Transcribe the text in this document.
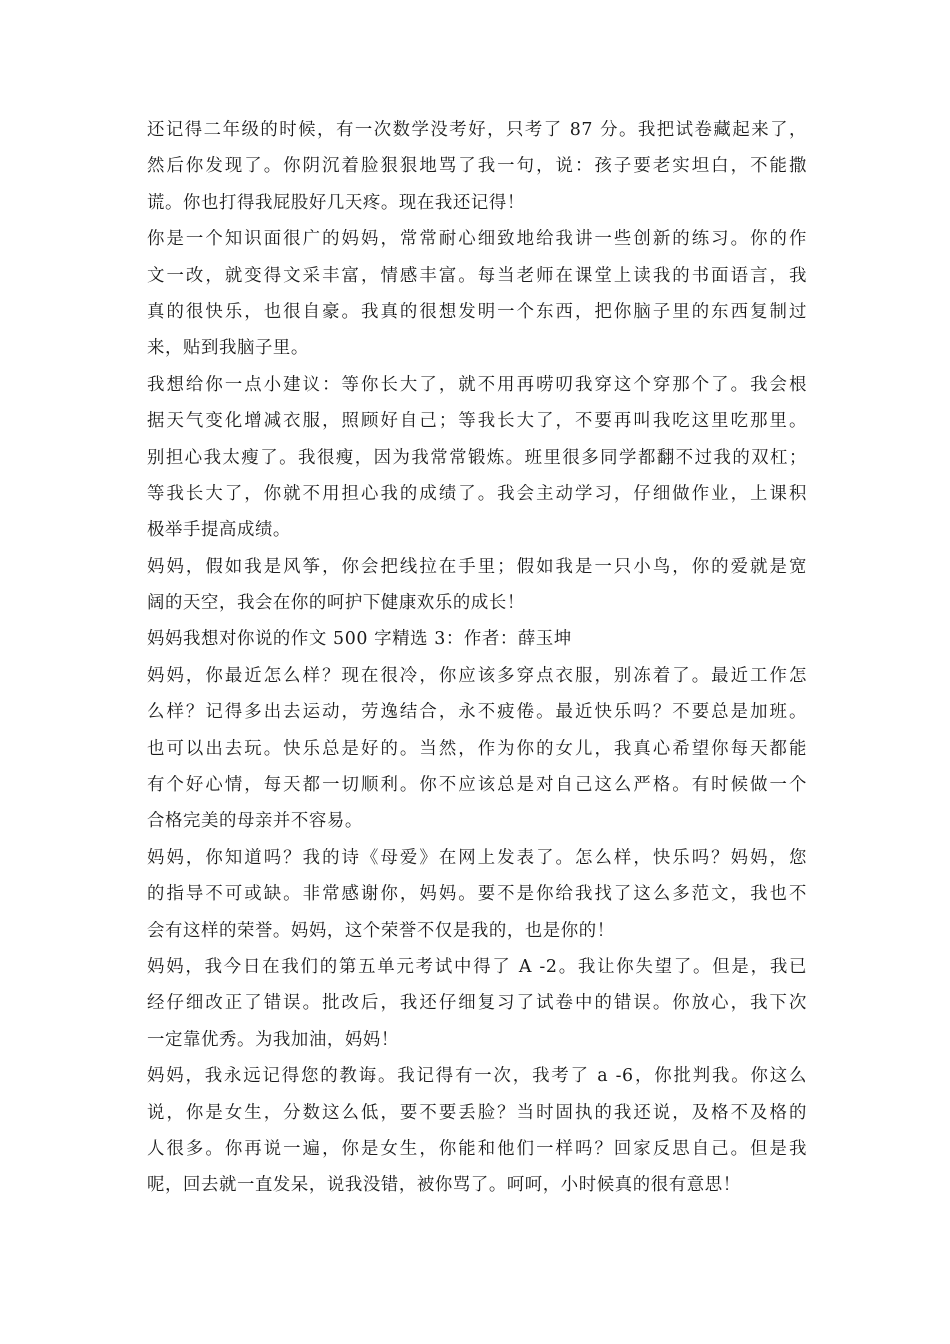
还记得二年级的时候，有一次数学没考好，只考了 87 分。我把试卷藏起来了，
然后你发现了。你阴沉着脸狠狠地骂了我一句，说：孩子要老实坦白，不能撒
谎。你也打得我屁股好几天疼。现在我还记得！
你是一个知识面很广的妈妈，常常耐心细致地给我讲一些创新的练习。你的作
文一改，就变得文采丰富，情感丰富。每当老师在课堂上读我的书面语言，我
真的很快乐，也很自豪。我真的很想发明一个东西，把你脑子里的东西复制过
来，贴到我脑子里。
我想给你一点小建议：等你长大了，就不用再唠叨我穿这个穿那个了。我会根
据天气变化增减衣服，照顾好自己；等我长大了，不要再叫我吃这里吃那里。
别担心我太瘦了。我很瘦，因为我常常锻炼。班里很多同学都翻不过我的双杠；
等我长大了，你就不用担心我的成绩了。我会主动学习，仔细做作业，上课积
极举手提高成绩。
妈妈，假如我是风筝，你会把线拉在手里；假如我是一只小鸟，你的爱就是宽
阔的天空，我会在你的呵护下健康欢乐的成长！
妈妈我想对你说的作文 500 字精选 3：作者：薛玉坤
妈妈，你最近怎么样？现在很冷，你应该多穿点衣服，别冻着了。最近工作怎
么样？记得多出去运动，劳逸结合，永不疲倦。最近快乐吗？不要总是加班。
也可以出去玩。快乐总是好的。当然，作为你的女儿，我真心希望你每天都能
有个好心情，每天都一切顺利。你不应该总是对自己这么严格。有时候做一个
合格完美的母亲并不容易。
妈妈，你知道吗？我的诗《母爱》在网上发表了。怎么样，快乐吗？妈妈，您
的指导不可或缺。非常感谢你，妈妈。要不是你给我找了这么多范文，我也不
会有这样的荣誉。妈妈，这个荣誉不仅是我的，也是你的！
妈妈，我今日在我们的第五单元考试中得了 A -2。我让你失望了。但是，我已
经仔细改正了错误。批改后，我还仔细复习了试卷中的错误。你放心，我下次
一定靠优秀。为我加油，妈妈！
妈妈，我永远记得您的教诲。我记得有一次，我考了 a -6，你批判我。你这么
说，你是女生，分数这么低，要不要丢脸？当时固执的我还说，及格不及格的
人很多。你再说一遍，你是女生，你能和他们一样吗？回家反思自己。但是我
呢，回去就一直发呆，说我没错，被你骂了。呵呵，小时候真的很有意思！
